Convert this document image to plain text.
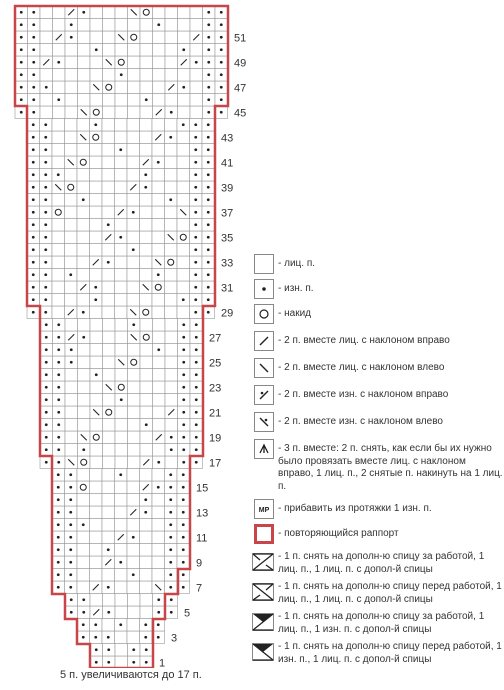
1
3
5
7
9
11
13
15
17
19
21
23
25
27
29
31
33
35
37
39
41
43
45
47
49
51
5 п. увеличиваются до 17 п.
- лиц. п.
- изн. п.
- накид
- 2 п. вместе лиц. с наклоном вправо
- 2 п. вместе лиц. с наклоном влево
- 2 п. вместе изн. с наклоном вправо
- 2 п. вместе изн. с наклоном влево
- 3 п. вместе: 2 п. снять, как если бы их нужно было провязать вместе лиц. с наклоном вправо, 1 лиц. п., 2 снятые п. накинуть на 1 лиц. п.
MP - прибавить из протяжки 1 изн. п.
- повторяющийся раппорт
- 1 п. снять на дополн-ю спицу за работой, 1 лиц. п., 1 лиц. п. с допол-й спицы
- 1 п. снять на дополн-ю спицу перед работой, 1 лиц. п., 1 лиц. п. с допол-й спицы
- 1 п. снять на дополн-ю спицу за работой, 1 лиц. п., 1 изн. п. с допол-й спицы
- 1 п. снять на дополн-ю спицу перед работой, 1 изн. п., 1 лиц. п. с допол-й спицы
